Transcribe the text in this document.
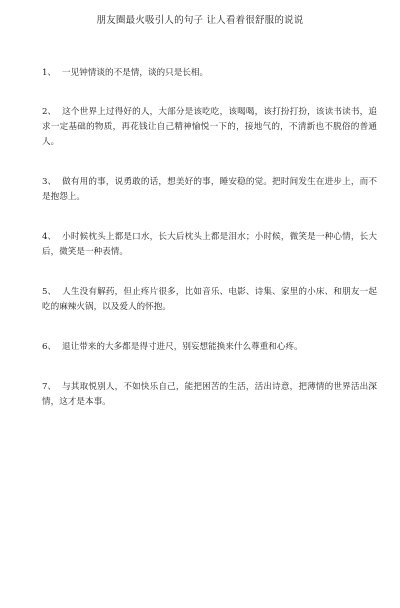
朋友圈最火吸引人的句子 让人看着很舒服的说说

1、 一见钟情谈的不是情，谈的只是长相。

2、 这个世界上过得好的人，大部分是该吃吃，该喝喝，该打扮打扮，该读书读书，追求一定基础的物质，再花钱让自己精神愉悦一下的，接地气的，不清新也不脱俗的普通人。

3、 做有用的事，说勇敢的话，想美好的事，睡安稳的觉。把时间发生在进步上，而不是抱怨上。

4、 小时候枕头上都是口水，长大后枕头上都是泪水；小时候，微笑是一种心情，长大后，微笑是一种表情。

5、 人生没有解药，但止疼片很多，比如音乐、电影、诗集、家里的小床、和朋友一起吃的麻辣火锅，以及爱人的怀抱。

6、 退让带来的大多都是得寸进尺，别妄想能换来什么尊重和心疼。

7、 与其取悦别人，不如快乐自己，能把困苦的生活，活出诗意，把薄情的世界活出深情，这才是本事。
